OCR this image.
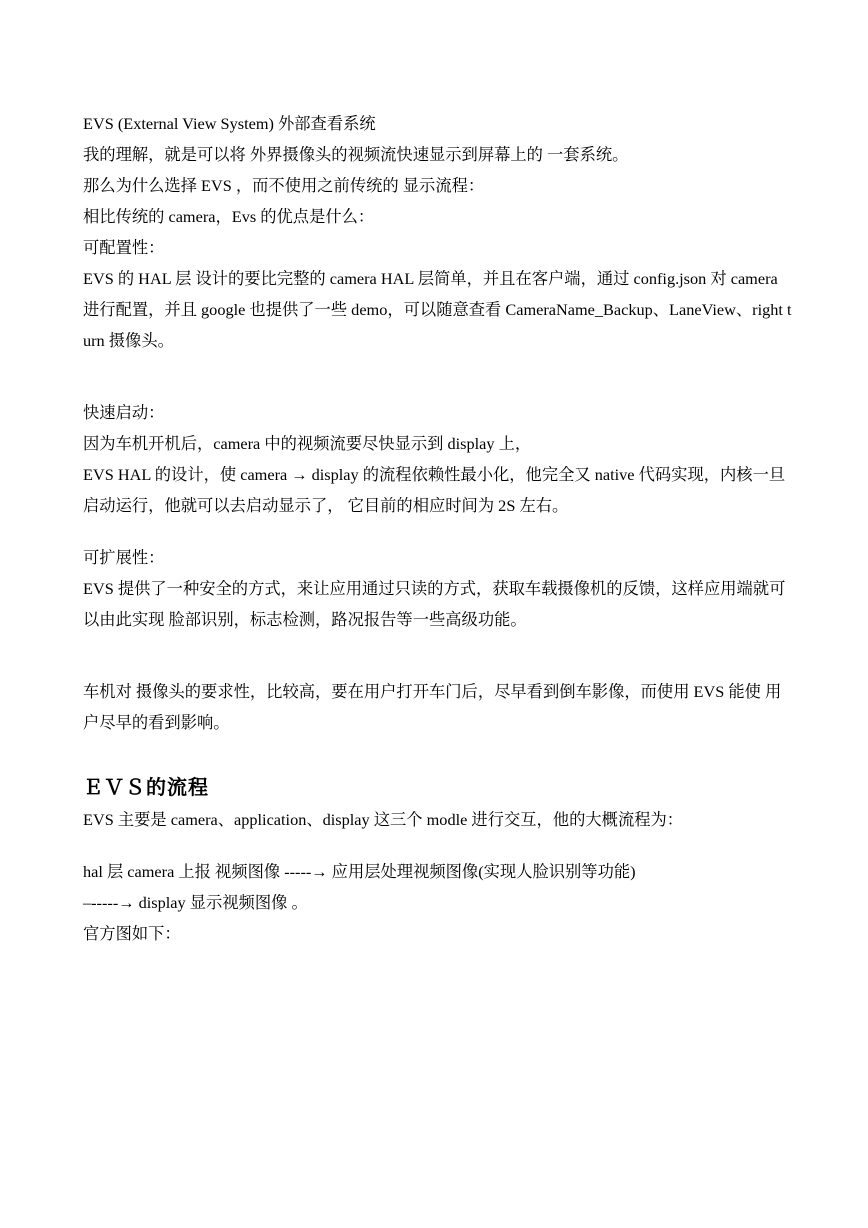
EVS (External View System) 外部查看系统

我的理解，就是可以将 外界摄像头的视频流快速显示到屏幕上的 一套系统。

那么为什么选择 EVS ，而不使用之前传统的 显示流程：

相比传统的 camera，Evs 的优点是什么：

可配置性：

EVS 的 HAL 层 设计的要比完整的 camera HAL 层简单，并且在客户端，通过 config.json 对 camera 进行配置，并且 google 也提供了一些 demo，可以随意查看 CameraName_Backup、LaneView、right turn 摄像头。

快速启动：

因为车机开机后，camera 中的视频流要尽快显示到 display 上，

EVS HAL 的设计，使 camera → display 的流程依赖性最小化，他完全又 native 代码实现，内核一旦启动运行，他就可以去启动显示了， 它目前的相应时间为 2S 左右。

可扩展性：

EVS 提供了一种安全的方式，来让应用通过只读的方式，获取车载摄像机的反馈，这样应用端就可以由此实现 脸部识别，标志检测，路况报告等一些高级功能。

车机对 摄像头的要求性，比较高，要在用户打开车门后，尽早看到倒车影像，而使用 EVS 能使 用户尽早的看到影响。

ＥＶＳ的流程

EVS 主要是 camera、application、display 这三个 modle 进行交互，他的大概流程为：

hal 层 camera 上报 视频图像 -----→ 应用层处理视频图像(实现人脸识别等功能)

–-----→ display 显示视频图像 。

官方图如下：
